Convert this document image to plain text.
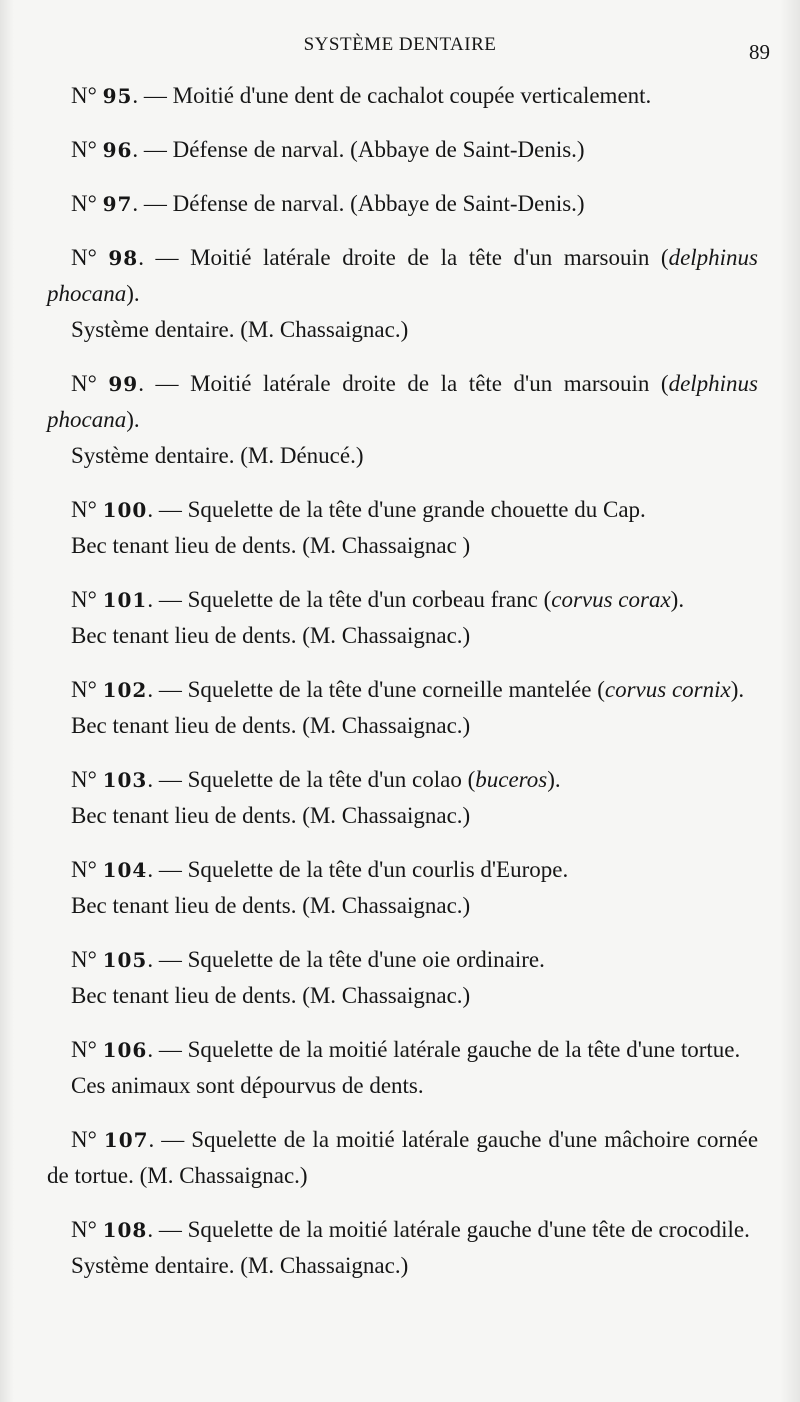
SYSTÈME DENTAIRE	89

N° 95. — Moitié d'une dent de cachalot coupée verticalement.

N° 96. — Défense de narval. (Abbaye de Saint-Denis.)

N° 97. — Défense de narval. (Abbaye de Saint-Denis.)

N° 98. — Moitié latérale droite de la tête d'un marsouin (delphinus phocana).

Système dentaire. (M. Chassaignac.)

N° 99. — Moitié latérale droite de la tête d'un marsouin (delphinus phocana).

Système dentaire. (M. Dénucé.)

N° 100. — Squelette de la tête d'une grande chouette du Cap.

Bec tenant lieu de dents. (M. Chassaignac )

N° 101. — Squelette de la tête d'un corbeau franc (corvus corax).

Bec tenant lieu de dents. (M. Chassaignac.)

N° 102. — Squelette de la tête d'une corneille mantelée (corvus cornix).

Bec tenant lieu de dents. (M. Chassaignac.)

N° 103. — Squelette de la tête d'un colao (buceros).

Bec tenant lieu de dents. (M. Chassaignac.)

N° 104. — Squelette de la tête d'un courlis d'Europe.

Bec tenant lieu de dents. (M. Chassaignac.)

N° 105. — Squelette de la tête d'une oie ordinaire.

Bec tenant lieu de dents. (M. Chassaignac.)

N° 106. — Squelette de la moitié latérale gauche de la tête d'une tortue.

Ces animaux sont dépourvus de dents.

N° 107. — Squelette de la moitié latérale gauche d'une mâchoire cornée de tortue. (M. Chassaignac.)

N° 108. — Squelette de la moitié latérale gauche d'une tête de crocodile.

Système dentaire. (M. Chassaignac.)
